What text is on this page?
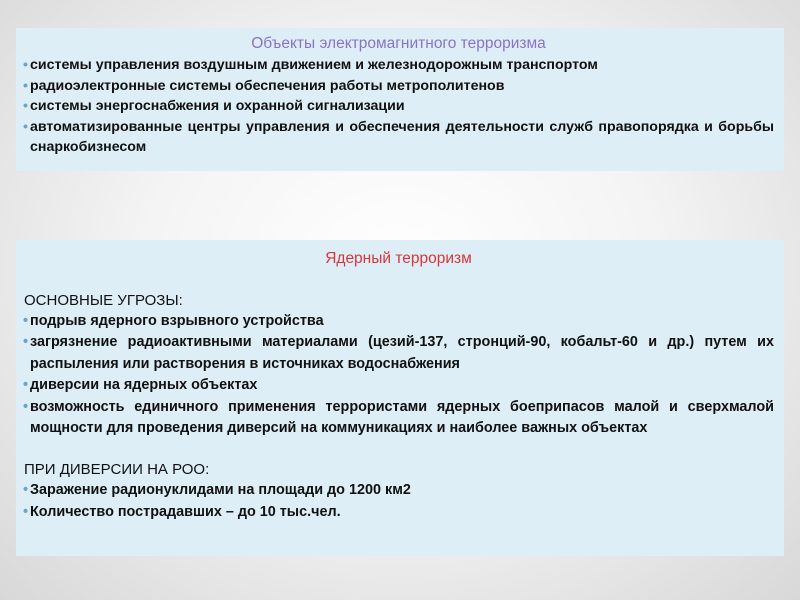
Объекты электромагнитного терроризма
• системы управления воздушным движением и железнодорожным транспортом
• радиоэлектронные системы обеспечения работы метрополитенов
• системы энергоснабжения и охранной сигнализации
• автоматизированные центры управления и обеспечения деятельности служб правопорядка и борьбы снаркобизнесом
Ядерный терроризм
ОСНОВНЫЕ УГРОЗЫ:
• подрыв ядерного взрывного устройства
• загрязнение радиоактивными материалами (цезий-137, стронций-90, кобальт-60 и др.) путем их распыления или растворения в источниках водоснабжения
• диверсии на ядерных объектах
• возможность единичного применения террористами ядерных боеприпасов малой и сверхмалой мощности для проведения диверсий на коммуникациях и наиболее важных объектах
ПРИ ДИВЕРСИИ НА РОО:
• Заражение радионуклидами на площади до 1200 км2
• Количество пострадавших – до 10 тыс.чел.
